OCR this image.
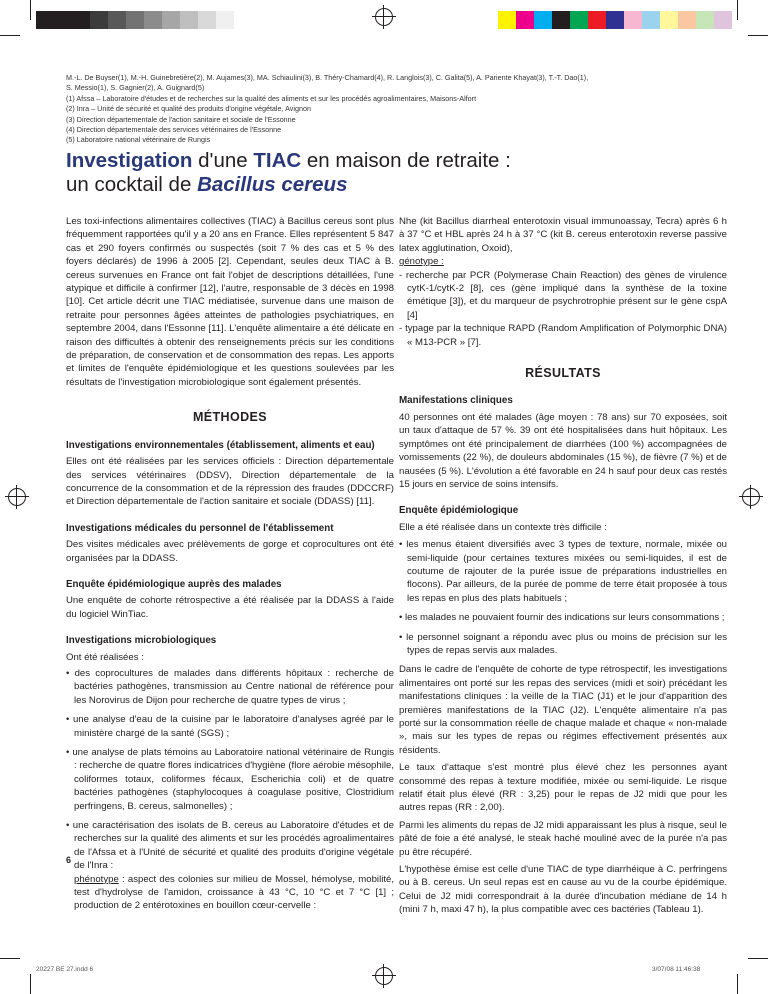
M.-L. De Buyser(1), M.-H. Guinebretière(2), M. Aujames(3), MA. Schiaulini(3), B. Théry-Chamard(4), R. Langlois(3), C. Galita(5), A. Pariente Khayat(3), T.-T. Dao(1),
S. Messio(1), S. Gagnier(2), A. Guignard(5)
(1) Afssa – Laboratoire d'études et de recherches sur la qualité des aliments et sur les procédés agroalimentaires, Maisons-Alfort
(2) Inra – Unité de sécurité et qualité des produits d'origine végétale, Avignon
(3) Direction départementale de l'action sanitaire et sociale de l'Essonne
(4) Direction départementale des services vétérinaires de l'Essonne
(5) Laboratoire national vétérinaire de Rungis
Investigation d'une TIAC en maison de retraite :
un cocktail de Bacillus cereus

Les toxi-infections alimentaires collectives (TIAC) à Bacillus cereus sont plus fréquemment rapportées qu'il y a 20 ans en France. Elles représentent 5 847 cas et 290 foyers confirmés ou suspectés (soit 7 % des cas et 5 % des foyers déclarés) de 1996 à 2005 [2]. Cependant, seules deux TIAC à B. cereus survenues en France ont fait l'objet de descriptions détaillées, l'une atypique et difficile à confirmer [12], l'autre, responsable de 3 décès en 1998 [10]. Cet article décrit une TIAC médiatisée, survenue dans une maison de retraite pour personnes âgées atteintes de pathologies psychiatriques, en septembre 2004, dans l'Essonne [11]. L'enquête alimentaire a été délicate en raison des difficultés à obtenir des renseignements précis sur les conditions de préparation, de conservation et de consommation des repas. Les apports et limites de l'enquête épidémiologique et les questions soulevées par les résultats de l'investigation microbiologique sont également présentés.

MÉTHODES
Investigations environnementales (établissement, aliments et eau)

Elles ont été réalisées par les services officiels : Direction départementale des services vétérinaires (DDSV), Direction départementale de la concurrence de la consommation et de la répression des fraudes (DDCCRF) et Direction départementale de l'action sanitaire et sociale (DDASS) [11].

Investigations médicales du personnel de l'établissement

Des visites médicales avec prélèvements de gorge et coprocultures ont été organisées par la DDASS.

Enquête épidémiologique auprès des malades

Une enquête de cohorte rétrospective a été réalisée par la DDASS à l'aide du logiciel WinTiac.

Investigations microbiologiques

Ont été réalisées :

• des coprocultures de malades dans différents hôpitaux : recherche de bactéries pathogènes, transmission au Centre national de référence pour les Norovirus de Dijon pour recherche de quatre types de virus ;
• une analyse d'eau de la cuisine par le laboratoire d'analyses agréé par le ministère chargé de la santé (SGS) ;
• une analyse de plats témoins au Laboratoire national vétérinaire de Rungis : recherche de quatre flores indicatrices d'hygiène (flore aérobie mésophile, coliformes totaux, coliformes fécaux, Escherichia coli) et de quatre bactéries pathogènes (staphylocoques à coagulase positive, Clostridium perfringens, B. cereus, salmonelles) ;
• une caractérisation des isolats de B. cereus au Laboratoire d'études et de recherches sur la qualité des aliments et sur les procédés agroalimentaires de l'Afssa et à l'Unité de sécurité et qualité des produits d'origine végétale de l'Inra :
phénotype : aspect des colonies sur milieu de Mossel, hémolyse, mobilité, test d'hydrolyse de l'amidon, croissance à 43 °C, 10 °C et 7 °C [1] ; production de 2 entérotoxines en bouillon cœur-cervelle :
Nhe (kit Bacillus diarrheal enterotoxin visual immunoassay, Tecra) après 6 h à 37 °C et HBL après 24 h à 37 °C (kit B. cereus enterotoxin reverse passive latex agglutination, Oxoid),
génotype :
- recherche par PCR (Polymerase Chain Reaction) des gènes de virulence cytK-1/cytK-2 [8], ces (gène impliqué dans la synthèse de la toxine émétique [3]), et du marqueur de psychrotrophie présent sur le gène cspA [4]
- typage par la technique RAPD (Random Amplification of Polymorphic DNA) « M13-PCR » [7].
RÉSULTATS
Manifestations cliniques

40 personnes ont été malades (âge moyen : 78 ans) sur 70 exposées, soit un taux d'attaque de 57 %. 39 ont été hospitalisées dans huit hôpitaux. Les symptômes ont été principalement de diarrhées (100 %) accompagnées de vomissements (22 %), de douleurs abdominales (15 %), de fièvre (7 %) et de nausées (5 %). L'évolution a été favorable en 24 h sauf pour deux cas restés 15 jours en service de soins intensifs.

Enquête épidémiologique

Elle a été réalisée dans un contexte très difficile :

• les menus étaient diversifiés avec 3 types de texture, normale, mixée ou semi-liquide (pour certaines textures mixées ou semi-liquides, il est de coutume de rajouter de la purée issue de préparations industrielles en flocons). Par ailleurs, de la purée de pomme de terre était proposée à tous les repas en plus des plats habituels ;
• les malades ne pouvaient fournir des indications sur leurs consommations ;
• le personnel soignant a répondu avec plus ou moins de précision sur les types de repas servis aux malades.

Dans le cadre de l'enquête de cohorte de type rétrospectif, les investigations alimentaires ont porté sur les repas des services (midi et soir) précédant les manifestations cliniques : la veille de la TIAC (J1) et le jour d'apparition des premières manifestations de la TIAC (J2). L'enquête alimentaire n'a pas porté sur la consommation réelle de chaque malade et chaque « non-malade », mais sur les types de repas ou régimes effectivement présentés aux résidents.

Le taux d'attaque s'est montré plus élevé chez les personnes ayant consommé des repas à texture modifiée, mixée ou semi-liquide. Le risque relatif était plus élevé (RR : 3,25) pour le repas de J2 midi que pour les autres repas (RR : 2,00).

Parmi les aliments du repas de J2 midi apparaissant les plus à risque, seul le pâté de foie a été analysé, le steak haché mouliné avec de la purée n'a pas pu être récupéré.

L'hypothèse émise est celle d'une TIAC de type diarrhéique à C. perfringens ou à B. cereus. Un seul repas est en cause au vu de la courbe épidémique. Celui de J2 midi correspondrait à la durée d'incubation médiane de 14 h (mini 7 h, maxi 47 h), la plus compatible avec ces bactéries (Tableau 1).

6
20227 BE 27.indd 6	3/07/08 11:46:38
